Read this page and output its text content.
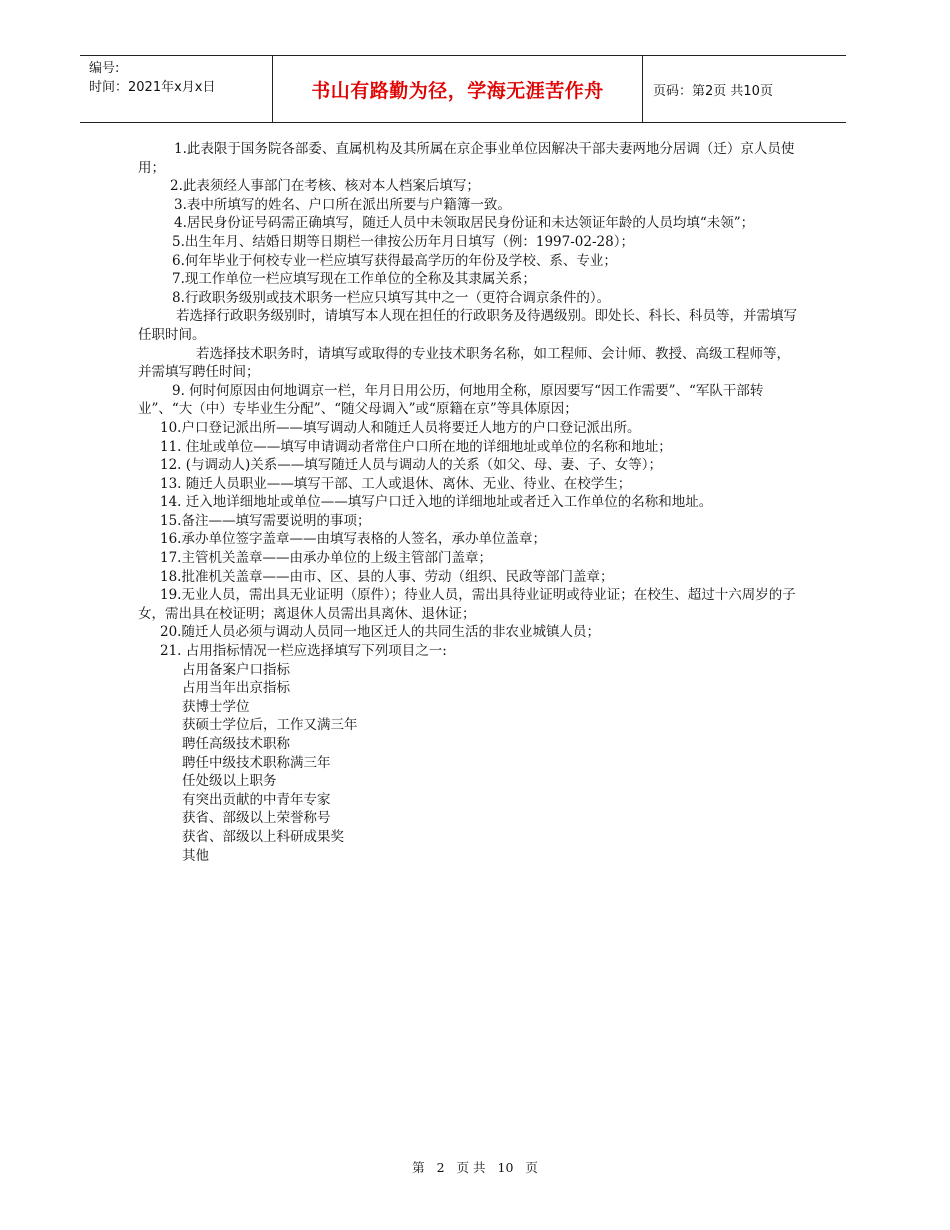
编号:
时间：2021年x月x日	书山有路勤为径，学海无涯苦作舟	页码：第2页 共10页

1.此表限于国务院各部委、直属机构及其所属在京企事业单位因解决干部夫妻两地分居调（迁）京人员使用；

2.此表须经人事部门在考核、核对本人档案后填写；

3.表中所填写的姓名、户口所在派出所要与户籍簿一致。

4.居民身份证号码需正确填写，随迁人员中未领取居民身份证和未达领证年龄的人员均填“未领”；

5.出生年月、结婚日期等日期栏一律按公历年月日填写（例：1997-02-28）；

6.何年毕业于何校专业一栏应填写获得最高学历的年份及学校、系、专业；

7.现工作单位一栏应填写现在工作单位的全称及其隶属关系；

8.行政职务级别或技术职务一栏应只填写其中之一（更符合调京条件的）。

若选择行政职务级别时，请填写本人现在担任的行政职务及待遇级别。即处长、科长、科员等，并需填写任职时间。

若选择技术职务时，请填写或取得的专业技术职务名称，如工程师、会计师、教授、高级工程师等，并需填写聘任时间；

9. 何时何原因由何地调京一栏，年月日用公历，何地用全称，原因要写“因工作需要”、“军队干部转业”、“大（中）专毕业生分配”、“随父母调入”或“原籍在京”等具体原因；

10.户口登记派出所——填写调动人和随迁人员将要迁人地方的户口登记派出所。

11. 住址或单位——填写申请调动者常住户口所在地的详细地址或单位的名称和地址；

12. (与调动人)关系——填写随迁人员与调动人的关系（如父、母、妻、子、女等）；

13. 随迁人员职业——填写干部、工人或退休、离休、无业、待业、在校学生；

14. 迁入地详细地址或单位——填写户口迁入地的详细地址或者迁入工作单位的名称和地址。

15.备注——填写需要说明的事项；

16.承办单位签字盖章——由填写表格的人签名，承办单位盖章；

17.主管机关盖章——由承办单位的上级主管部门盖章；

18.批准机关盖章——由市、区、县的人事、劳动（组织、民政等部门盖章；

19.无业人员，需出具无业证明（原件）；待业人员，需出具待业证明或待业证；在校生、超过十六周岁的子女，需出具在校证明；离退休人员需出具离休、退休证；

20.随迁人员必须与调动人员同一地区迁人的共同生活的非农业城镇人员；

21. 占用指标情况一栏应选择填写下列项目之一:

占用备案户口指标

占用当年出京指标

获博士学位

获硕士学位后，工作又满三年

聘任高级技术职称

聘任中级技术职称满三年

任处级以上职务

有突出贡献的中青年专家

获省、部级以上荣誉称号

获省、部级以上科研成果奖

其他

第 2 页 共 10 页
